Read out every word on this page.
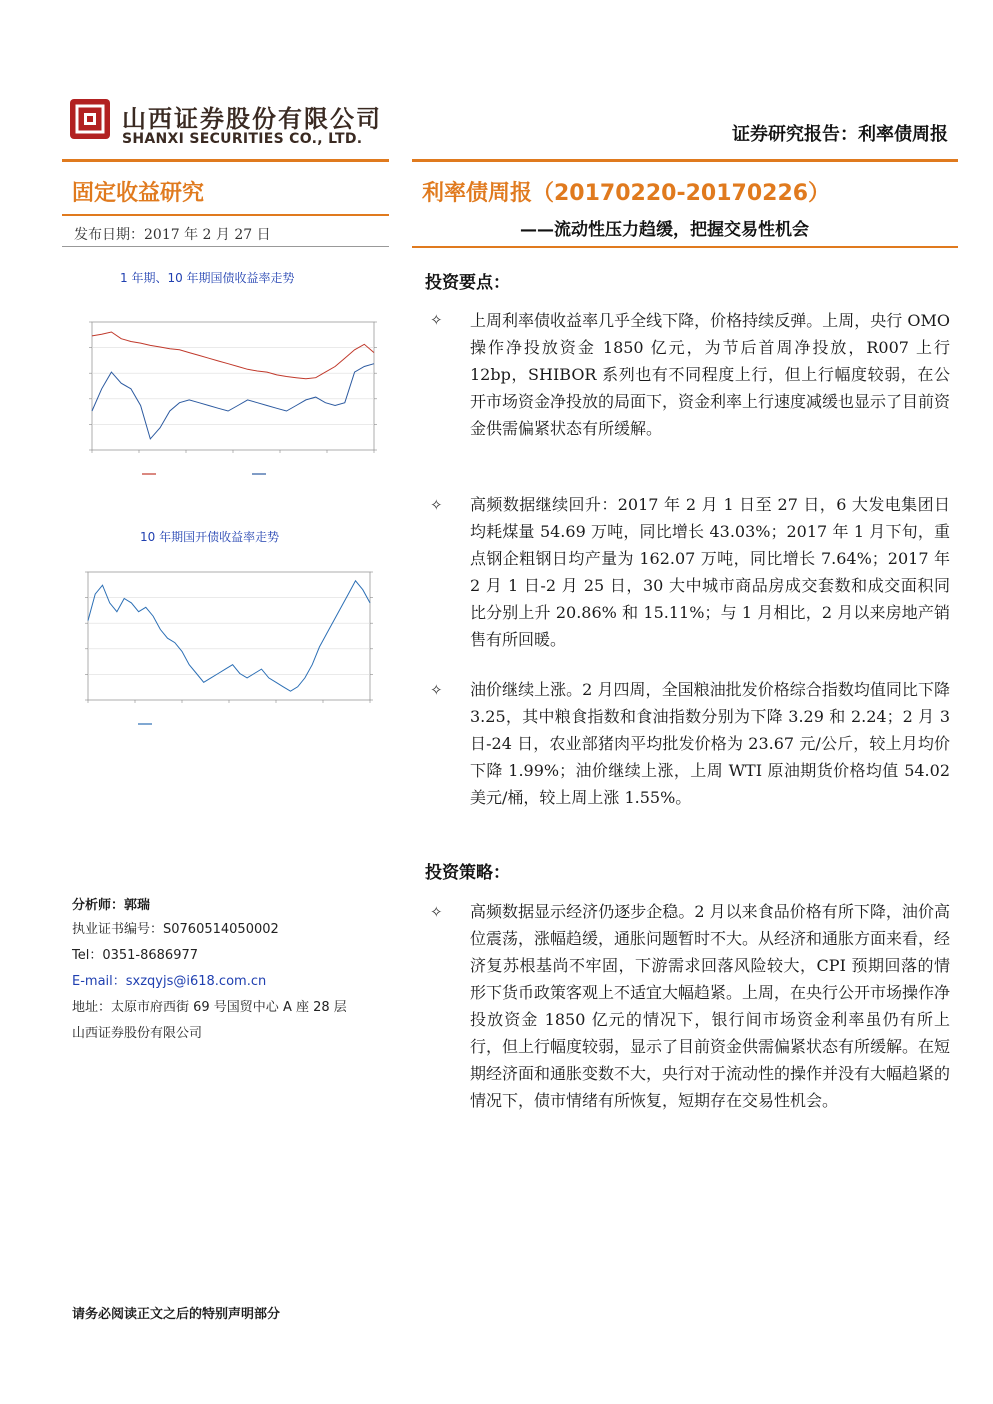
山西证券股份有限公司
SHANXI SECURITIES CO., LTD.	证券研究报告：利率债周报
固定收益研究	利率债周报（20170220-20170226）
发布日期：2017 年 2 月 27 日	——流动性压力趋缓，把握交易性机会
1 年期、10 年期国债收益率走势
10 年期国开债收益率走势
分析师：郭瑞
执业证书编号：S0760514050002
Tel：0351-8686977
E-mail：sxzqyjs@i618.com.cn
地址：太原市府西街 69 号国贸中心 A 座 28 层
山西证券股份有限公司
请务必阅读正文之后的特别声明部分
投资要点：
✧ 上周利率债收益率几乎全线下降，价格持续反弹。上周，央行 OMO 操作净投放资金 1850 亿元，为节后首周净投放，R007 上行 12bp，SHIBOR 系列也有不同程度上行，但上行幅度较弱，在公开市场资金净投放的局面下，资金利率上行速度减缓也显示了目前资金供需偏紧状态有所缓解。
✧ 高频数据继续回升：2017 年 2 月 1 日至 27 日，6 大发电集团日均耗煤量 54.69 万吨，同比增长 43.03%；2017 年 1 月下旬，重点钢企粗钢日均产量为 162.07 万吨，同比增长 7.64%；2017 年 2 月 1 日-2 月 25 日，30 大中城市商品房成交套数和成交面积同比分别上升 20.86% 和 15.11%；与 1 月相比，2 月以来房地产销售有所回暖。
✧ 油价继续上涨。2 月四周，全国粮油批发价格综合指数均值同比下降 3.25，其中粮食指数和食油指数分别为下降 3.29 和 2.24；2 月 3 日-24 日，农业部猪肉平均批发价格为 23.67 元/公斤，较上月均价下降 1.99%；油价继续上涨，上周 WTI 原油期货价格均值 54.02 美元/桶，较上周上涨 1.55%。
投资策略：
✧ 高频数据显示经济仍逐步企稳。2 月以来食品价格有所下降，油价高位震荡，涨幅趋缓，通胀问题暂时不大。从经济和通胀方面来看，经济复苏根基尚不牢固，下游需求回落风险较大，CPI 预期回落的情形下货币政策客观上不适宜大幅趋紧。上周，在央行公开市场操作净投放资金 1850 亿元的情况下，银行间市场资金利率虽仍有所上行，但上行幅度较弱，显示了目前资金供需偏紧状态有所缓解。在短期经济面和通胀变数不大，央行对于流动性的操作并没有大幅趋紧的情况下，债市情绪有所恢复，短期存在交易性机会。
